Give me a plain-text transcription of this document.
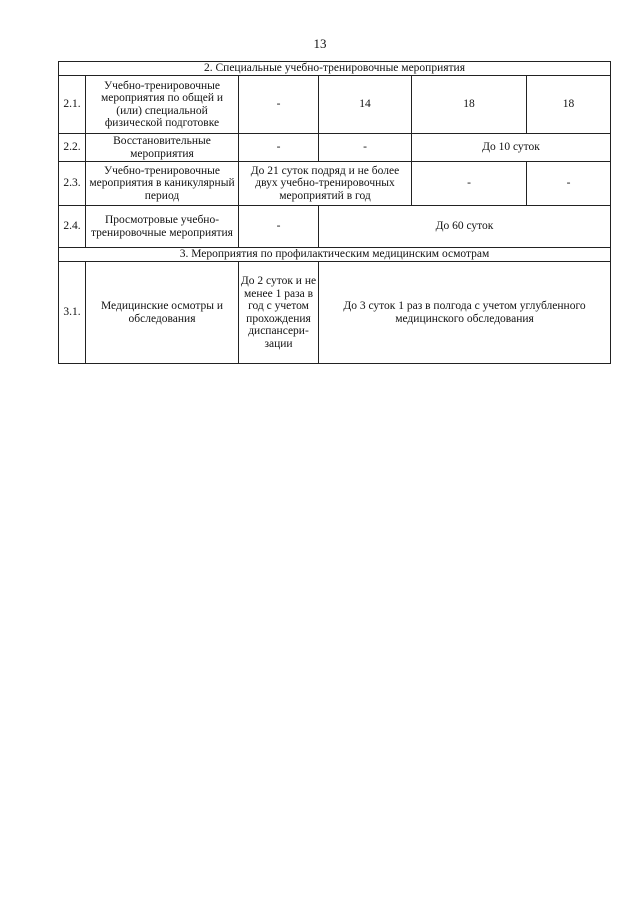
13
2. Специальные учебно-тренировочные мероприятия					
2.1.	Учебно-тренировочные мероприятия по общей и (или) специальной физической подготовке	-	14	18	18
2.2.	Восстановительные мероприятия	-	-	До 10 суток	
2.3.	Учебно-тренировочные мероприятия в каникулярный период	До 21 суток подряд и не более двух учебно-тренировочных мероприятий в год		-	-
2.4.	Просмотровые учебно-тренировочные мероприятия	-	До 60 суток		
3. Мероприятия по профилактическим медицинским осмотрам					
3.1.	Медицинские осмотры и обследования	До 2 суток и не менее 1 раза в год с учетом прохождения диспансери-зации	До 3 суток 1 раз в полгода с учетом углубленного медицинского обследования		
